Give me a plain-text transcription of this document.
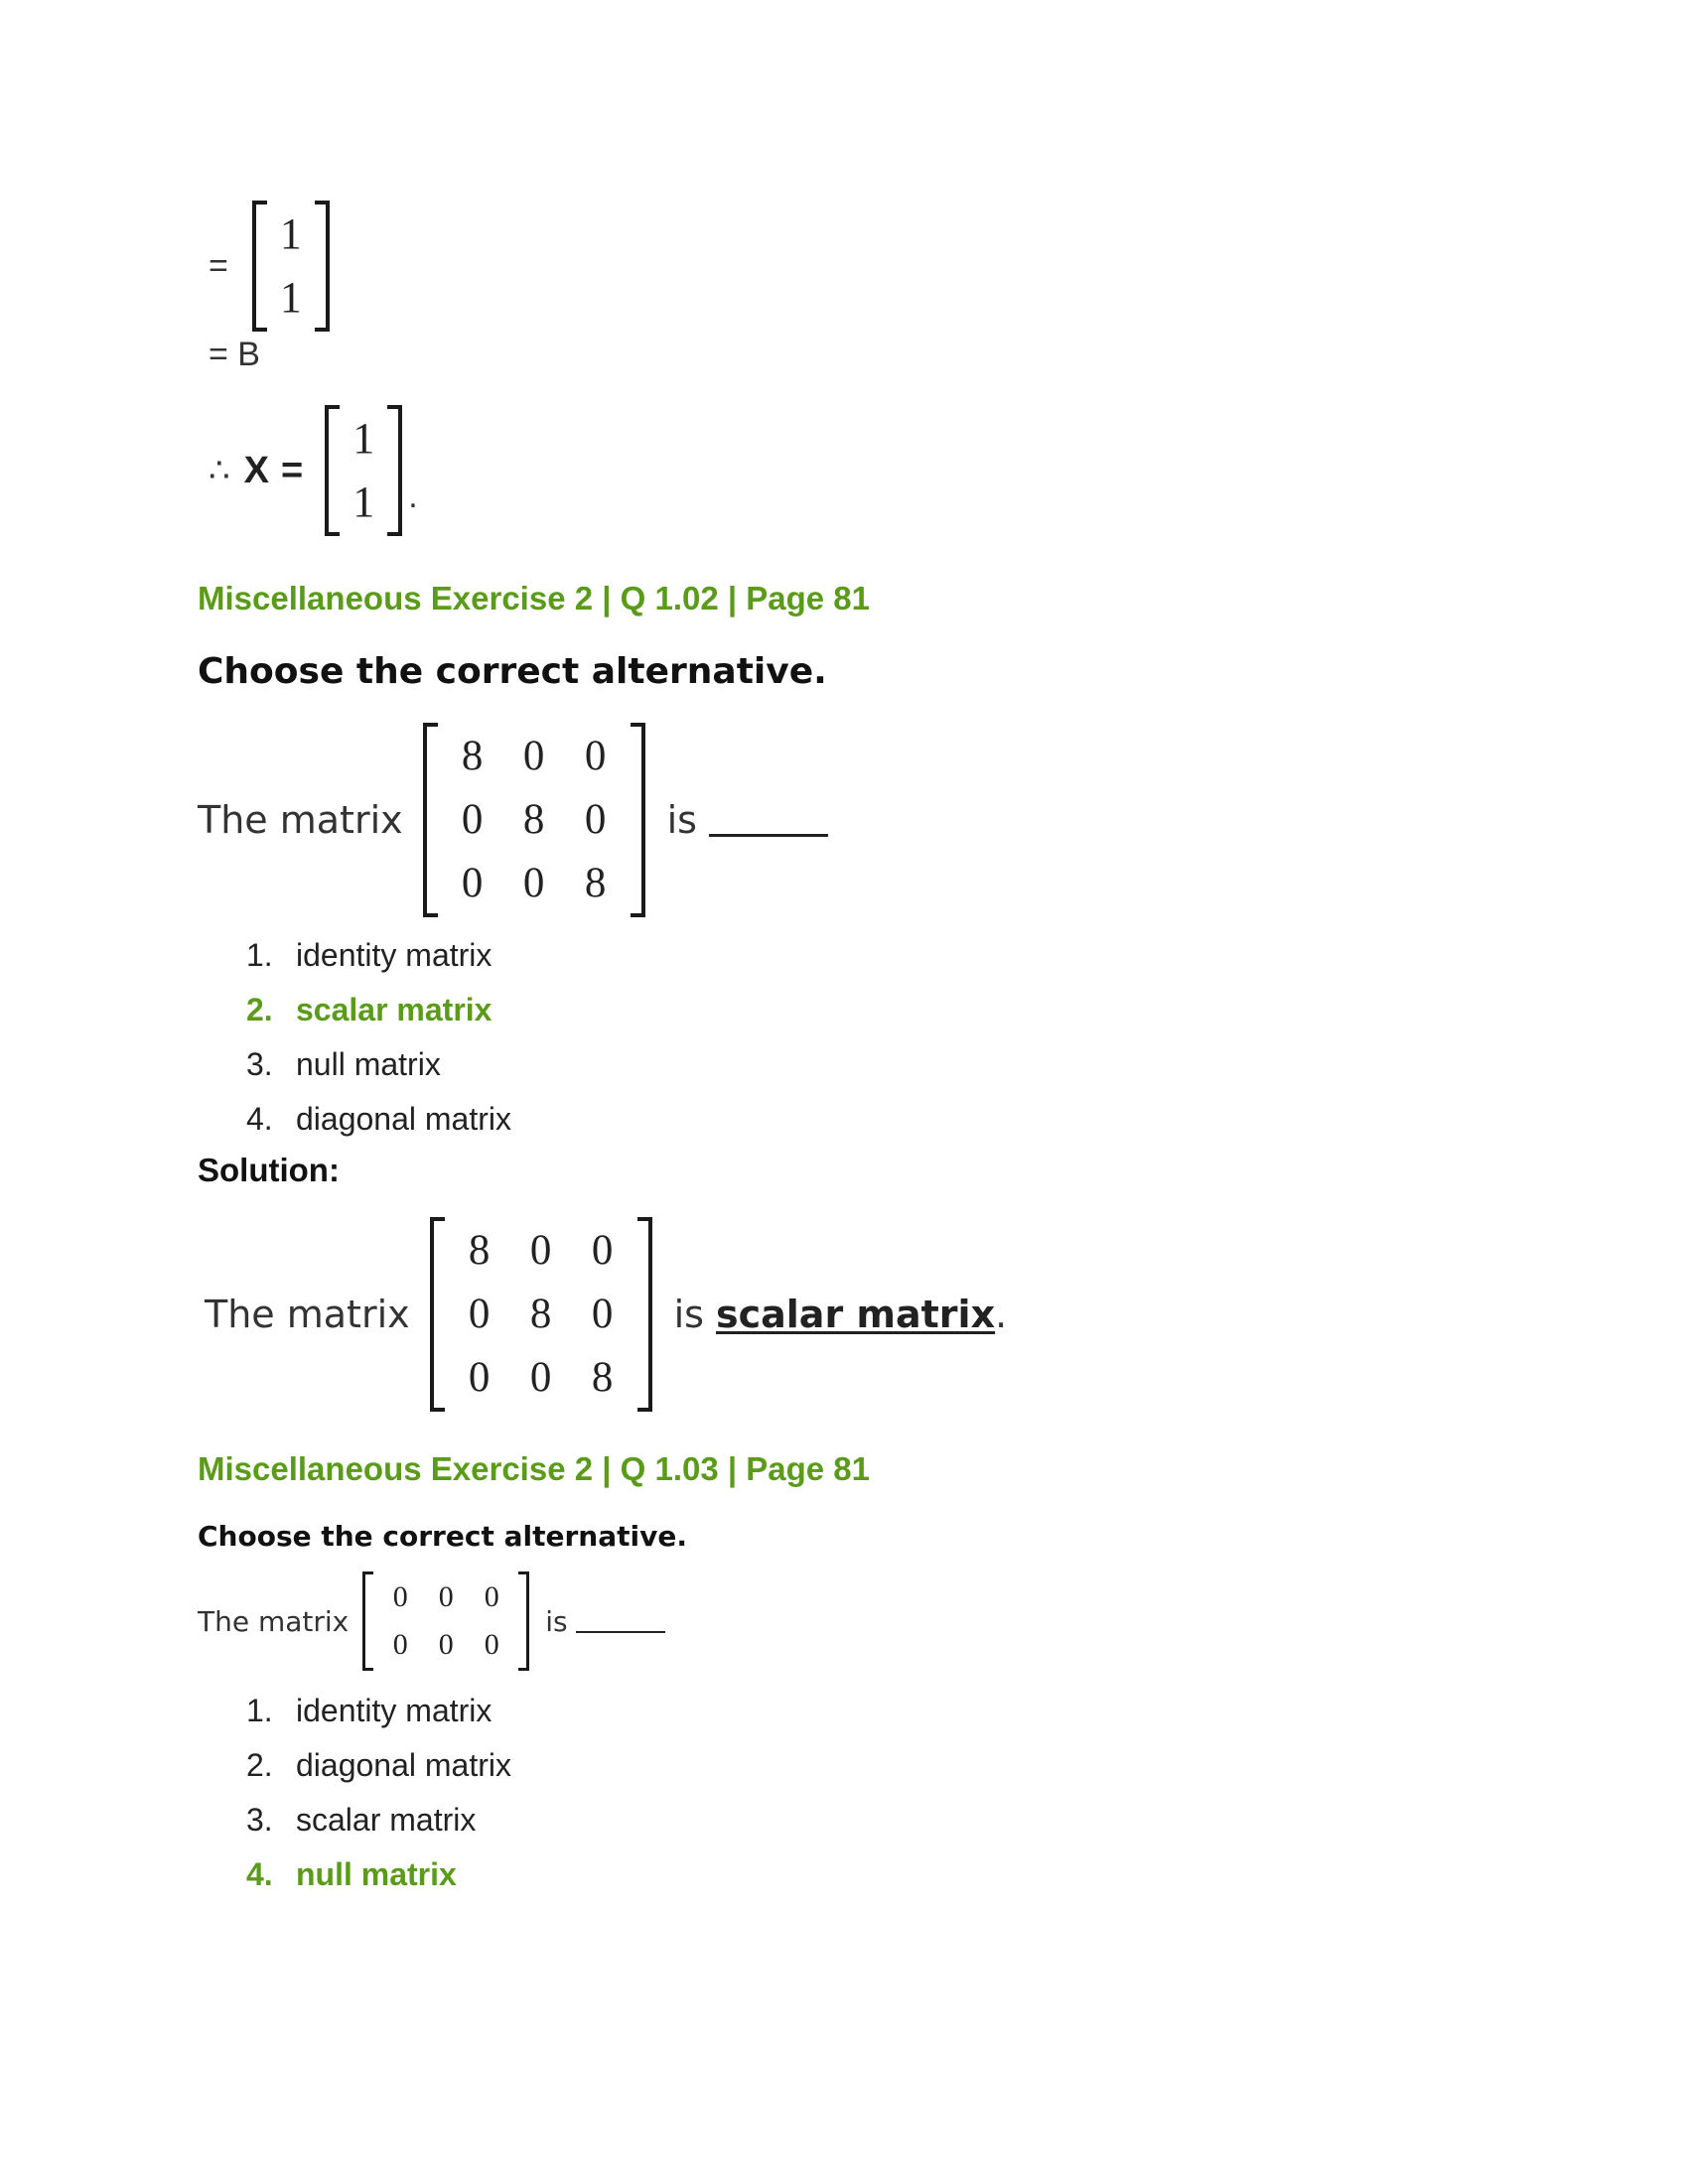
=
1
1
= B
∴ X =
1
1 .
Miscellaneous Exercise 2 | Q 1.02 | Page 81
Choose the correct alternative.
The matrix
8 0 0
0 8 0
0 0 8
is
1. identity matrix
2. scalar matrix
3. null matrix
4. diagonal matrix
Solution:
The matrix
8 0 0
0 8 0
0 0 8
is scalar matrix .
Miscellaneous Exercise 2 | Q 1.03 | Page 81
Choose the correct alternative.
The matrix
0	0	0
0	0	0
is
1. identity matrix
2. diagonal matrix
3. scalar matrix
4. null matrix
